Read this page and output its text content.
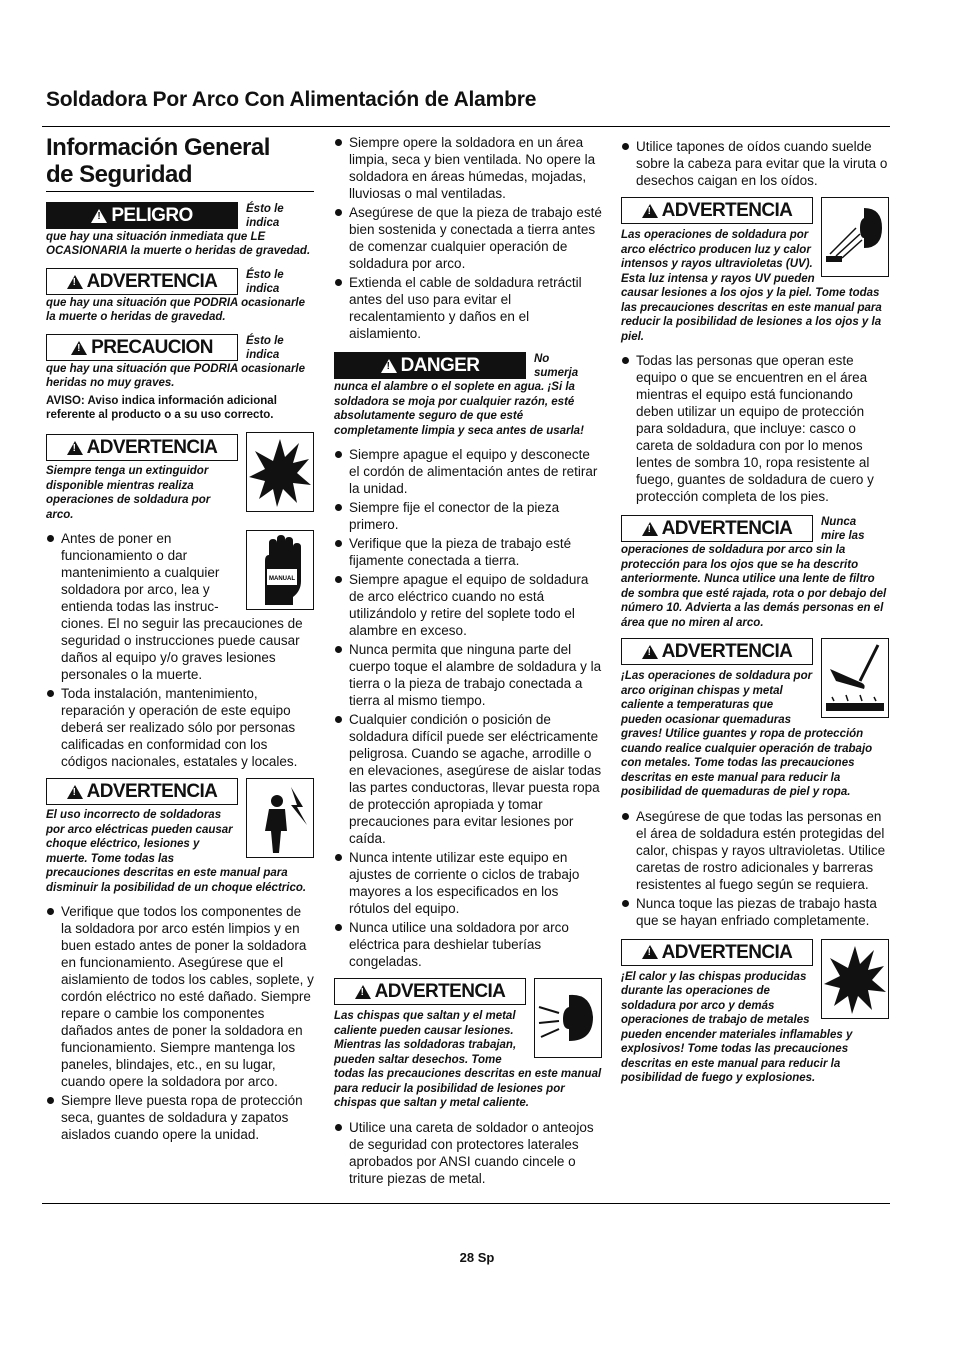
Soldadora Por Arco Con Alimentación de Alambre
Información General
de Seguridad
!
PELIGRO	Ésto le indica
que hay una situación inmediata que LE OCASIONARIA la muerte o heridas de gravedad.
!
ADVERTENCIA Ésto le indica
que hay una situación que PODRIA ocasionarle la muerte o heridas de gravedad.
!
PRECAUCION	Ésto le indica
que hay una situación que PODRIA ocasionarle heridas no muy graves.
AVISO: Aviso indica información adicional referente al producto o a su uso correcto.
!
ADVERTENCIA
Siempre tenga un extinguidor disponible mientras realiza operaciones de soldadura por arco.
MANUAL
Antes de poner en funcionamiento o dar mantenimiento a cualquier soldadora por arco, lea y entienda todas las instruc-ciones. El no seguir las precauciones de seguridad o instrucciones puede causar daños al equipo y/o graves lesiones personales o la muerte.
Toda instalación, mantenimiento, reparación y operación de este equipo deberá ser realizado sólo por personas calificadas en conformidad con los códigos nacionales, estatales y locales.
!
ADVERTENCIA
El uso incorrecto de soldadoras por arco eléctricas pueden causar choque eléctrico, lesiones y muerte. Tome todas las precauciones descritas en este manual para disminuir la posibilidad de un choque eléctrico.
Verifique que todos los componentes de la soldadora por arco estén limpios y en buen estado antes de poner la soldadora en funcionamiento. Asegúrese que el aislamiento de todos los cables, soplete, y cordón eléctrico no esté dañado. Siempre repare o cambie los componentes dañados antes de poner la soldadora en funcionamiento. Siempre mantenga los paneles, blindajes, etc., en su lugar, cuando opere la soldadora por arco.
Siempre lleve puesta ropa de protección seca, guantes de soldadura y zapatos aislados cuando opere la unidad.
Siempre opere la soldadora en un área limpia, seca y bien ventilada. No opere la soldadora en áreas húmedas, mojadas, lluviosas o mal ventiladas.
Asegúrese de que la pieza de trabajo esté bien sostenida y conectada a tierra antes de comenzar cualquier operación de soldadura por arco.
Extienda el cable de soldadura retráctil antes del uso para evitar el recalentamiento y daños en el aislamiento.
!
DANGER	No sumerja
nunca el alambre o el soplete en agua. ¡Si la soldadora se moja por cualquier razón, esté absolutamente seguro de que esté completamente limpia y seca antes de usarla!
Siempre apague el equipo y desconecte el cordón de alimentación antes de retirar la unidad.
Siempre fije el conector de la pieza primero.
Verifique que la pieza de trabajo esté fijamente conectada a tierra.
Siempre apague el equipo de soldadura de arco eléctrico cuando no está utilizándolo y retire del soplete todo el alambre en exceso.
Nunca permita que ninguna parte del cuerpo toque el alambre de soldadura y la tierra o la pieza de trabajo conectada a tierra al mismo tiempo.
Cualquier condición o posición de soldadura difícil puede ser eléctricamente peligrosa. Cuando se agache, arrodille o en elevaciones, asegúrese de aislar todas las partes conductoras, llevar puesta ropa de protección apropiada y tomar precauciones para evitar lesiones por caída.
Nunca intente utilizar este equipo en ajustes de corriente o ciclos de trabajo mayores a los especificados en los rótulos del equipo.
Nunca utilice una soldadora por arco eléctrica para deshielar tuberías congeladas.
!
ADVERTENCIA
Las chispas que saltan y el metal caliente pueden causar lesiones. Mientras las soldadoras trabajan, pueden saltar desechos. Tome todas las precauciones descritas en este manual para reducir la posibilidad de lesiones por chispas que saltan y metal caliente.
Utilice una careta de soldador o anteojos de seguridad con protectores laterales aprobados por ANSI cuando cincele o triture piezas de metal.
Utilice tapones de oídos cuando suelde sobre la cabeza para evitar que la viruta o desechos caigan en los oídos.
!
ADVERTENCIA
Las operaciones de soldadura por arco eléctrico producen luz y calor intensos y rayos ultravioletas (UV). Esta luz intensa y rayos UV pueden causar lesiones a los ojos y la piel. Tome todas las precauciones descritas en este manual para reducir la posibilidad de lesiones a los ojos y la piel.
Todas las personas que operan este equipo o que se encuentren en el área mientras el equipo está funcionando deben utilizar un equipo de protección para soldadura, que incluye: casco o careta de soldadura con por lo menos lentes de sombra 10, ropa resistente al fuego, guantes de soldadura de cuero y protección completa de los pies.
!
ADVERTENCIA Nunca mire las
operaciones de soldadura por arco sin la protección para los ojos que se ha descrito anteriormente. Nunca utilice una lente de filtro de sombra que esté rajada, rota o por debajo del número 10. Advierta a las demás personas en el área que no miren al arco.
!
ADVERTENCIA
¡Las operaciones de soldadura por arco originan chispas y metal caliente a temperaturas que pueden ocasionar quemaduras graves! Utilice guantes y ropa de protección cuando realice cualquier operación de trabajo con metales. Tome todas las precauciones descritas en este manual para reducir la posibilidad de quemaduras de piel y ropa.
Asegúrese de que todas las personas en el área de soldadura estén protegidas del calor, chispas y rayos ultravioletas. Utilice caretas de rostro adicionales y barreras resistentes al fuego según se requiera.
Nunca toque las piezas de trabajo hasta que se hayan enfriado completamente.
!
ADVERTENCIA
¡El calor y las chispas producidas durante las operaciones de soldadura por arco y demás operaciones de trabajo de metales pueden encender materiales inflamables y explosivos! Tome todas las precauciones descritas en este manual para reducir la posibilidad de fuego y explosiones.
28 Sp
